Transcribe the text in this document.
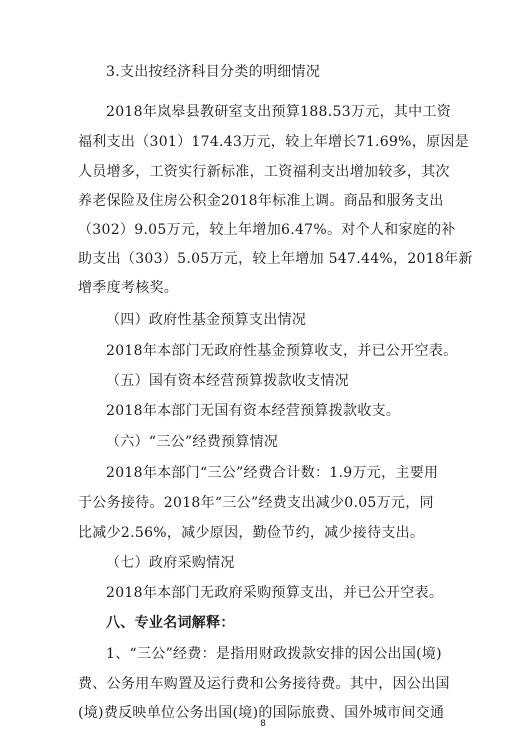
3.支出按经济科目分类的明细情况
2018年岚皋县教研室支出预算188.53万元，其中工资
福利支出（301）174.43万元，较上年增长71.69%，原因是
人员增多，工资实行新标准，工资福利支出增加较多，其次
养老保险及住房公积金2018年标准上调。商品和服务支出
（302）9.05万元，较上年增加6.47%。对个人和家庭的补
助支出（303）5.05万元，较上年增加 547.44%，2018年新
增季度考核奖。
（四）政府性基金预算支出情况
2018年本部门无政府性基金预算收支，并已公开空表。
（五）国有资本经营预算拨款收支情况
2018年本部门无国有资本经营预算拨款收支。
（六）“三公”经费预算情况
2018年本部门“三公”经费合计数：1.9万元，主要用
于公务接待。2018年“三公”经费支出减少0.05万元，同
比减少2.56%，减少原因，勤俭节约，减少接待支出。
（七）政府采购情况
2018年本部门无政府采购预算支出，并已公开空表。
八、专业名词解释：
1、“三公”经费：是指用财政拨款安排的因公出国(境)
费、公务用车购置及运行费和公务接待费。其中，因公出国
(境)费反映单位公务出国(境)的国际旅费、国外城市间交通
8
